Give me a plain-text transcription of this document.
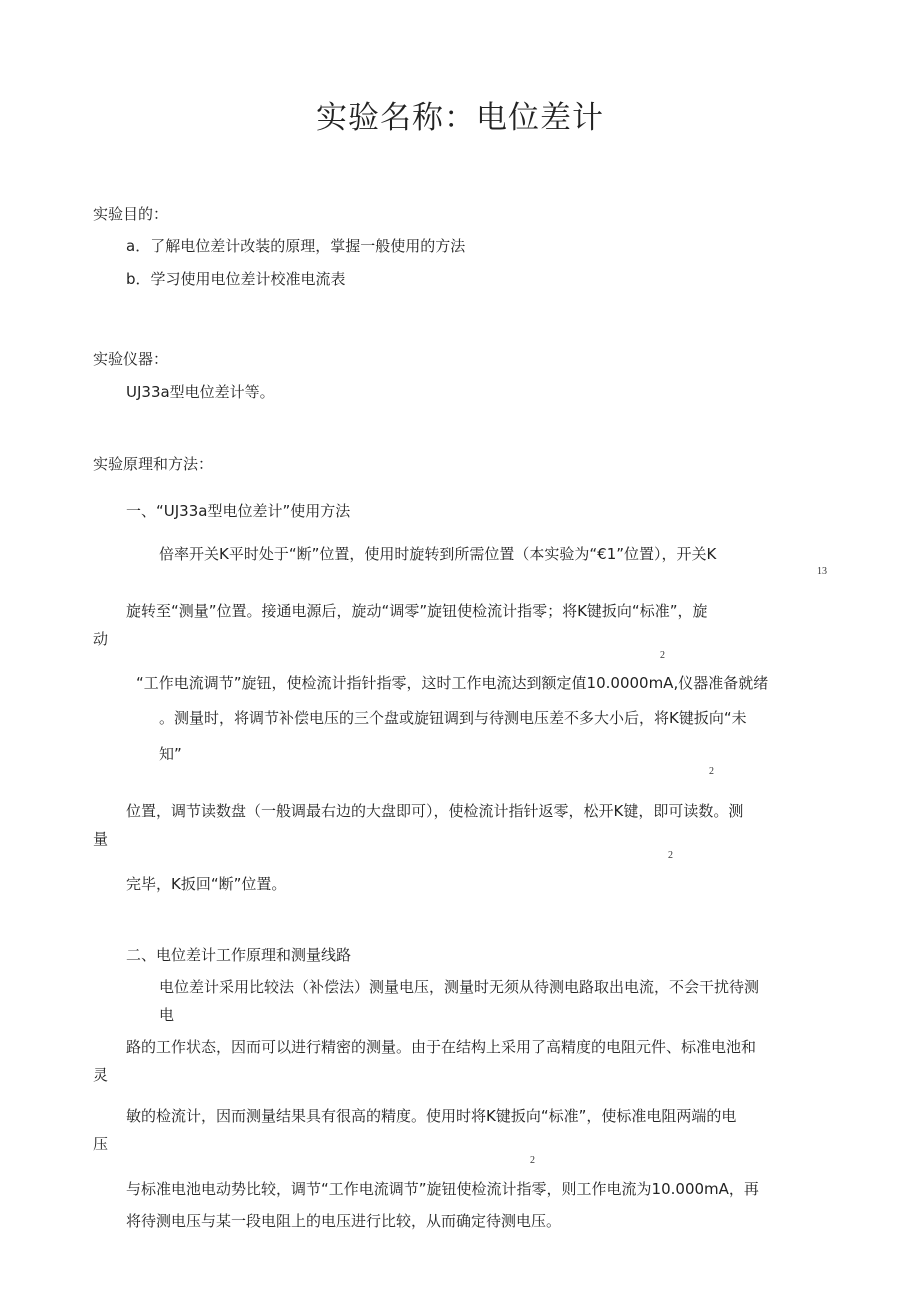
实验名称：电位差计
实验目的：
a．了解电位差计改装的原理，掌握一般使用的方法
b．学习使用电位差计校准电流表
实验仪器：
UJ33a型电位差计等。
实验原理和方法：
一、“UJ33a型电位差计”使用方法
倍率开关K平时处于“断”位置，使用时旋转到所需位置（本实验为“€1”位置），开关K
13
旋转至“测量”位置。接通电源后，旋动“调零”旋钮使检流计指零；将K键扳向“标准”，旋
动
2
“工作电流调节”旋钮，使检流计指针指零，这时工作电流达到额定值10.0000mA,仪器准备就绪
。测量时，将调节补偿电压的三个盘或旋钮调到与待测电压差不多大小后，将K键扳向“未
知”
2
位置，调节读数盘（一般调最右边的大盘即可），使检流计指针返零，松开K键，即可读数。测
量
2
完毕，K扳回“断”位置。
二、电位差计工作原理和测量线路
电位差计采用比较法（补偿法）测量电压，测量时无须从待测电路取出电流，不会干扰待测
电
路的工作状态，因而可以进行精密的测量。由于在结构上采用了高精度的电阻元件、标准电池和
灵
敏的检流计，因而测量结果具有很高的精度。使用时将K键扳向“标准”，使标准电阻两端的电
压
2
与标准电池电动势比较，调节“工作电流调节”旋钮使检流计指零，则工作电流为10.000mA，再
将待测电压与某一段电阻上的电压进行比较，从而确定待测电压。
